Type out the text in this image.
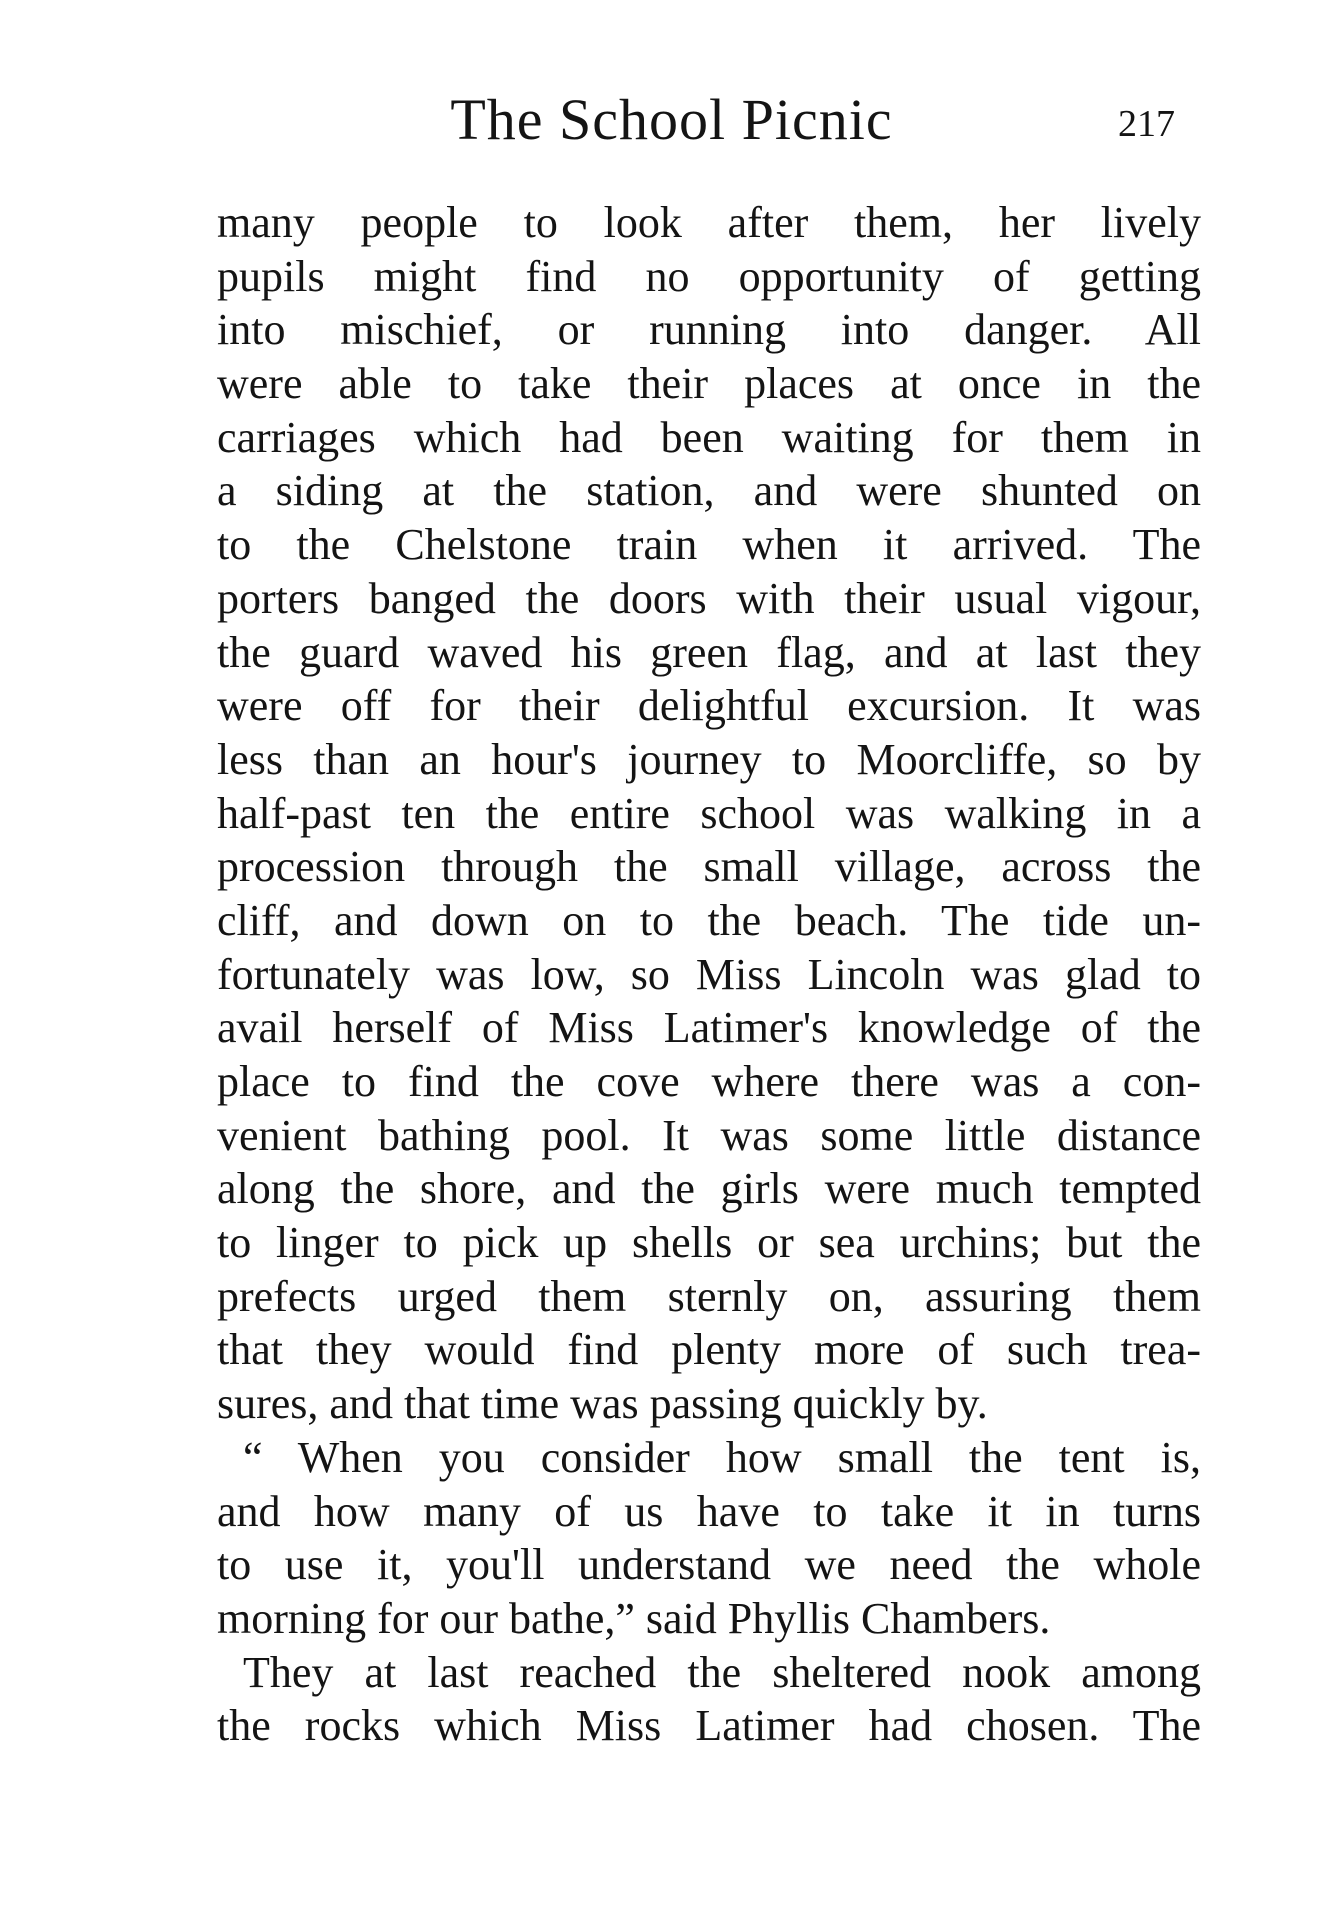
The School Picnic	217
many people to look after them, her lively
pupils might find no opportunity of getting
into mischief, or running into danger. All
were able to take their places at once in the
carriages which had been waiting for them in
a siding at the station, and were shunted on
to the Chelstone train when it arrived. The
porters banged the doors with their usual vigour,
the guard waved his green flag, and at last they
were off for their delightful excursion. It was
less than an hour's journey to Moorcliffe, so by
half-past ten the entire school was walking in a
procession through the small village, across the
cliff, and down on to the beach. The tide un-
fortunately was low, so Miss Lincoln was glad to
avail herself of Miss Latimer's knowledge of the
place to find the cove where there was a con-
venient bathing pool. It was some little distance
along the shore, and the girls were much tempted
to linger to pick up shells or sea urchins; but the
prefects urged them sternly on, assuring them
that they would find plenty more of such trea-
sures, and that time was passing quickly by.
“ When you consider how small the tent is,
and how many of us have to take it in turns
to use it, you'll understand we need the whole
morning for our bathe,” said Phyllis Chambers.
They at last reached the sheltered nook among
the rocks which Miss Latimer had chosen. The
